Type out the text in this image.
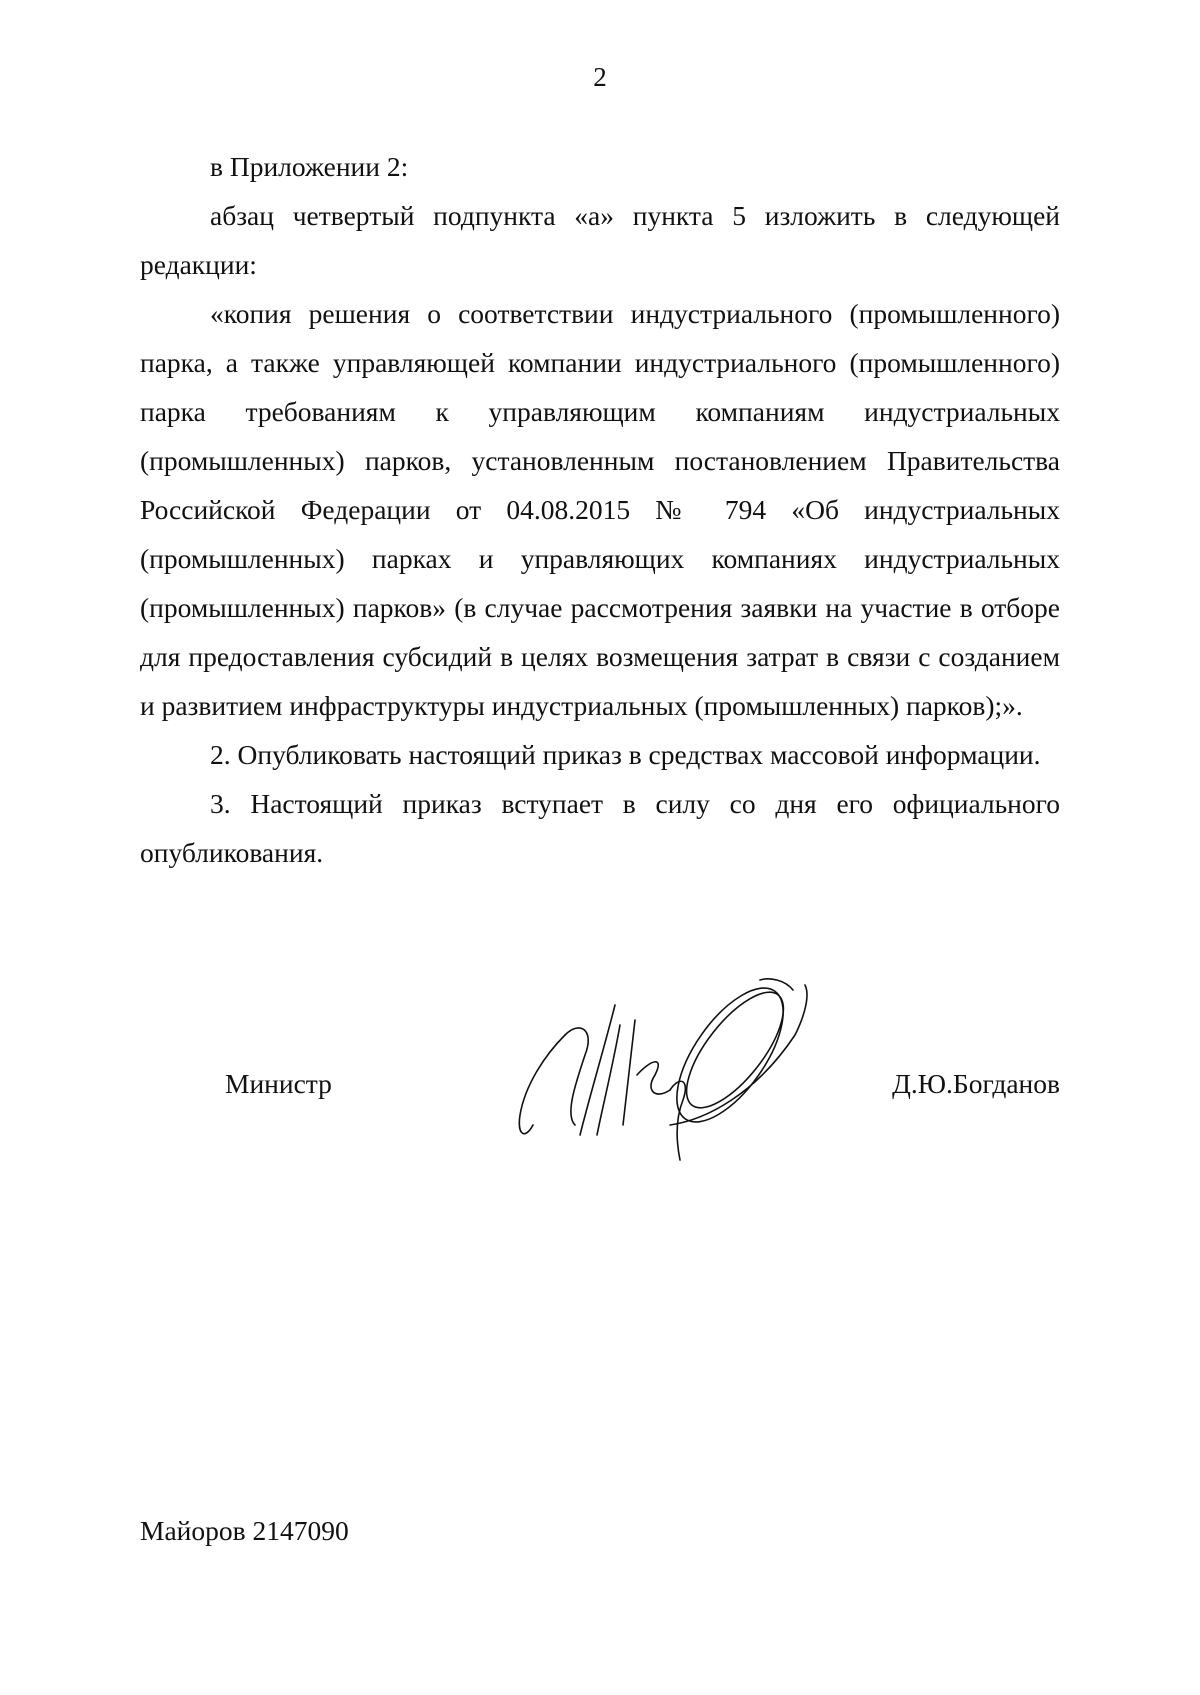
2

в Приложении 2:

абзац четвертый подпункта «а» пункта 5 изложить в следующей редакции:

«копия решения о соответствии индустриального (промышленного) парка, а также управляющей компании индустриального (промышленного) парка требованиям к управляющим компаниям индустриальных (промышленных) парков, установленным постановлением Правительства Российской Федерации от 04.08.2015 № 794 «Об индустриальных (промышленных) парках и управляющих компаниях индустриальных (промышленных) парков» (в случае рассмотрения заявки на участие в отборе для предоставления субсидий в целях возмещения затрат в связи с созданием и развитием инфраструктуры индустриальных (промышленных) парков);».

2. Опубликовать настоящий приказ в средствах массовой информации.

3. Настоящий приказ вступает в силу со дня его официального опубликования.

Министр	Д.Ю.Богданов
Майоров 2147090
